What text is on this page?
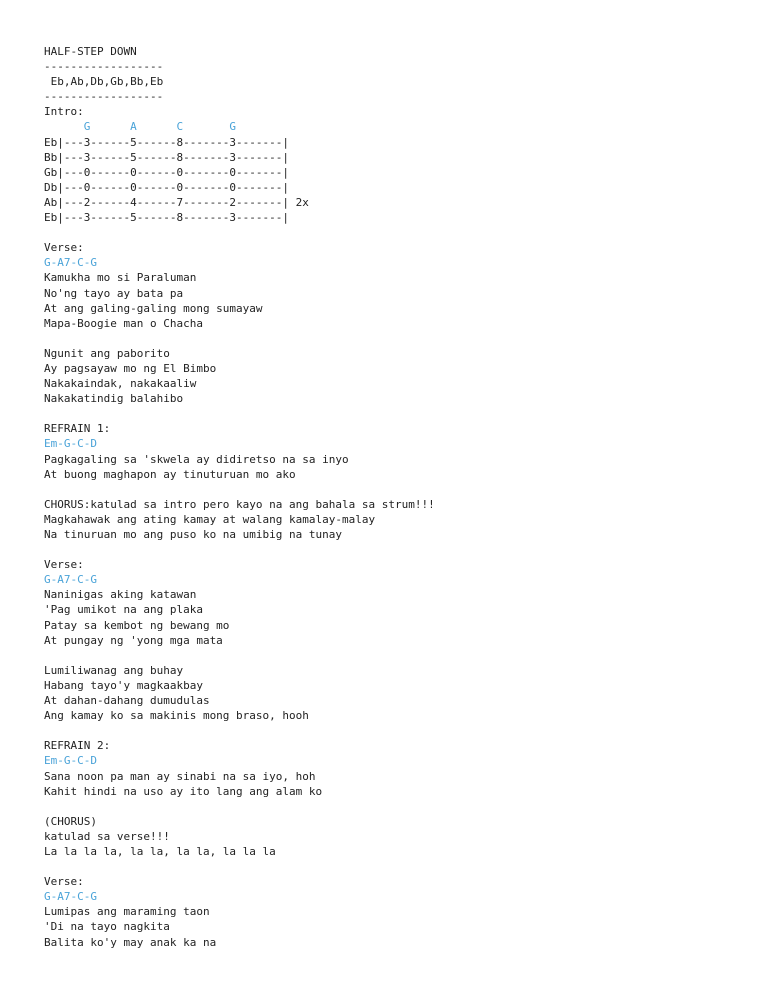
HALF-STEP DOWN
------------------
Eb,Ab,Db,Gb,Bb,Eb
------------------
Intro:
G      A      C       G
Eb|---3------5------8-------3-------|
Bb|---3------5------8-------3-------|
Gb|---0------0------0-------0-------|
Db|---0------0------0-------0-------|
Ab|---2------4------7-------2-------| 2x
Eb|---3------5------8-------3-------|
Verse:
G-A7-C-G
Kamukha mo si Paraluman
No'ng tayo ay bata pa
At ang galing-galing mong sumayaw
Mapa-Boogie man o Chacha
Ngunit ang paborito
Ay pagsayaw mo ng El Bimbo
Nakakaindak, nakakaaliw
Nakakatindig balahibo
REFRAIN 1:
Em-G-C-D
Pagkagaling sa 'skwela ay didiretso na sa inyo
At buong maghapon ay tinuturuan mo ako
CHORUS:katulad sa intro pero kayo na ang bahala sa strum!!!
Magkahawak ang ating kamay at walang kamalay-malay
Na tinuruan mo ang puso ko na umibig na tunay
Verse:
G-A7-C-G
Naninigas aking katawan
'Pag umikot na ang plaka
Patay sa kembot ng bewang mo
At pungay ng 'yong mga mata
Lumiliwanag ang buhay
Habang tayo'y magkaakbay
At dahan-dahang dumudulas
Ang kamay ko sa makinis mong braso, hooh
REFRAIN 2:
Em-G-C-D
Sana noon pa man ay sinabi na sa iyo, hoh
Kahit hindi na uso ay ito lang ang alam ko
(CHORUS)
katulad sa verse!!!
La la la la, la la, la la, la la la
Verse:
G-A7-C-G
Lumipas ang maraming taon
'Di na tayo nagkita
Balita ko'y may anak ka na
